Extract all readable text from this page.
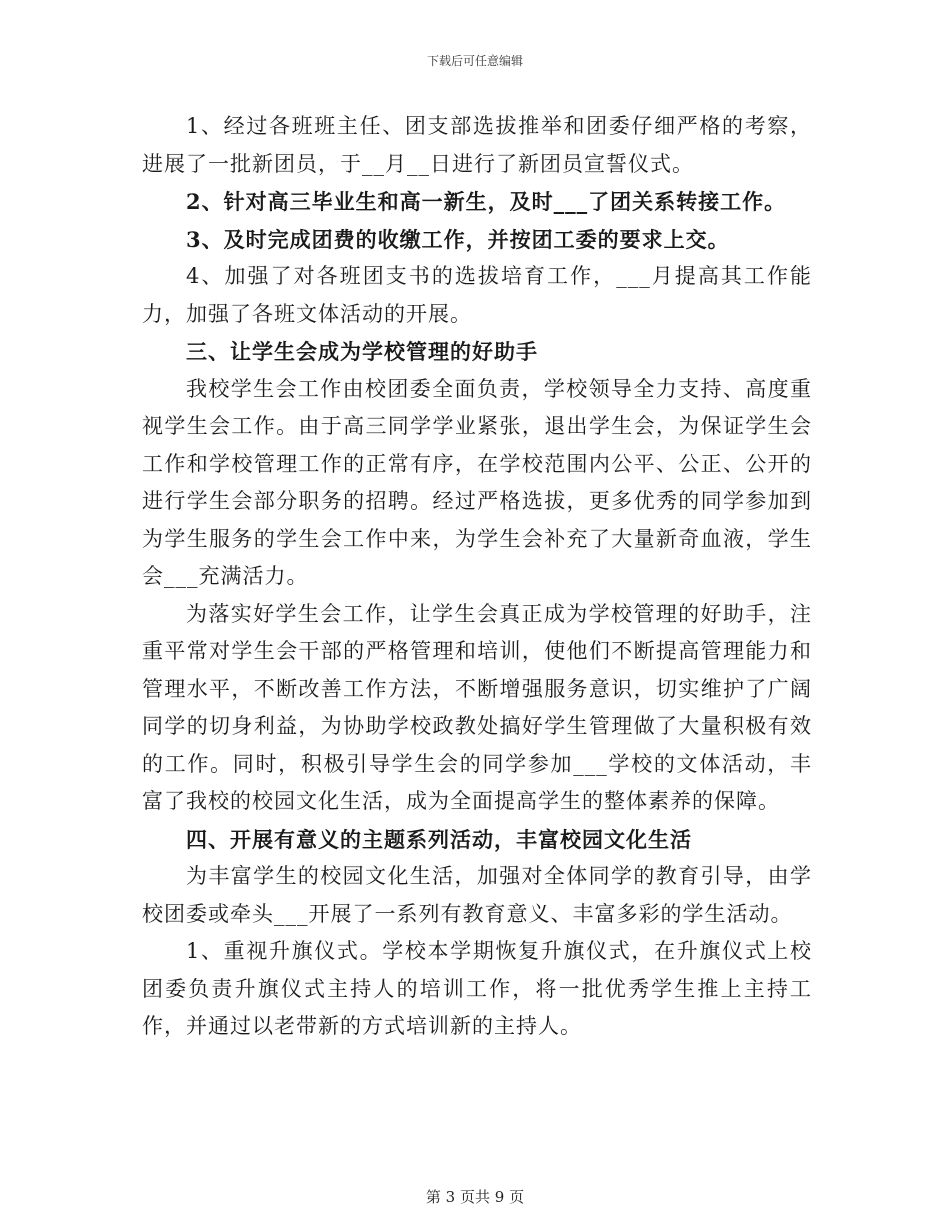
下载后可任意编辑

1、经过各班班主任、团支部选拔推举和团委仔细严格的考察，进展了一批新团员，于__月__日进行了新团员宣誓仪式。

2、针对高三毕业生和高一新生，及时___了团关系转接工作。

3、及时完成团费的收缴工作，并按团工委的要求上交。

4、加强了对各班团支书的选拔培育工作，___月提高其工作能力，加强了各班文体活动的开展。

三、让学生会成为学校管理的好助手

我校学生会工作由校团委全面负责，学校领导全力支持、高度重视学生会工作。由于高三同学学业紧张，退出学生会，为保证学生会工作和学校管理工作的正常有序，在学校范围内公平、公正、公开的进行学生会部分职务的招聘。经过严格选拔，更多优秀的同学参加到为学生服务的学生会工作中来，为学生会补充了大量新奇血液，学生会___充满活力。

为落实好学生会工作，让学生会真正成为学校管理的好助手，注重平常对学生会干部的严格管理和培训，使他们不断提高管理能力和管理水平，不断改善工作方法，不断增强服务意识，切实维护了广阔同学的切身利益，为协助学校政教处搞好学生管理做了大量积极有效的工作。同时，积极引导学生会的同学参加___学校的文体活动，丰富了我校的校园文化生活，成为全面提高学生的整体素养的保障。

四、开展有意义的主题系列活动，丰富校园文化生活

为丰富学生的校园文化生活，加强对全体同学的教育引导，由学校团委或牵头___开展了一系列有教育意义、丰富多彩的学生活动。

1、重视升旗仪式。学校本学期恢复升旗仪式，在升旗仪式上校团委负责升旗仪式主持人的培训工作，将一批优秀学生推上主持工作，并通过以老带新的方式培训新的主持人。

第 3 页共 9 页
